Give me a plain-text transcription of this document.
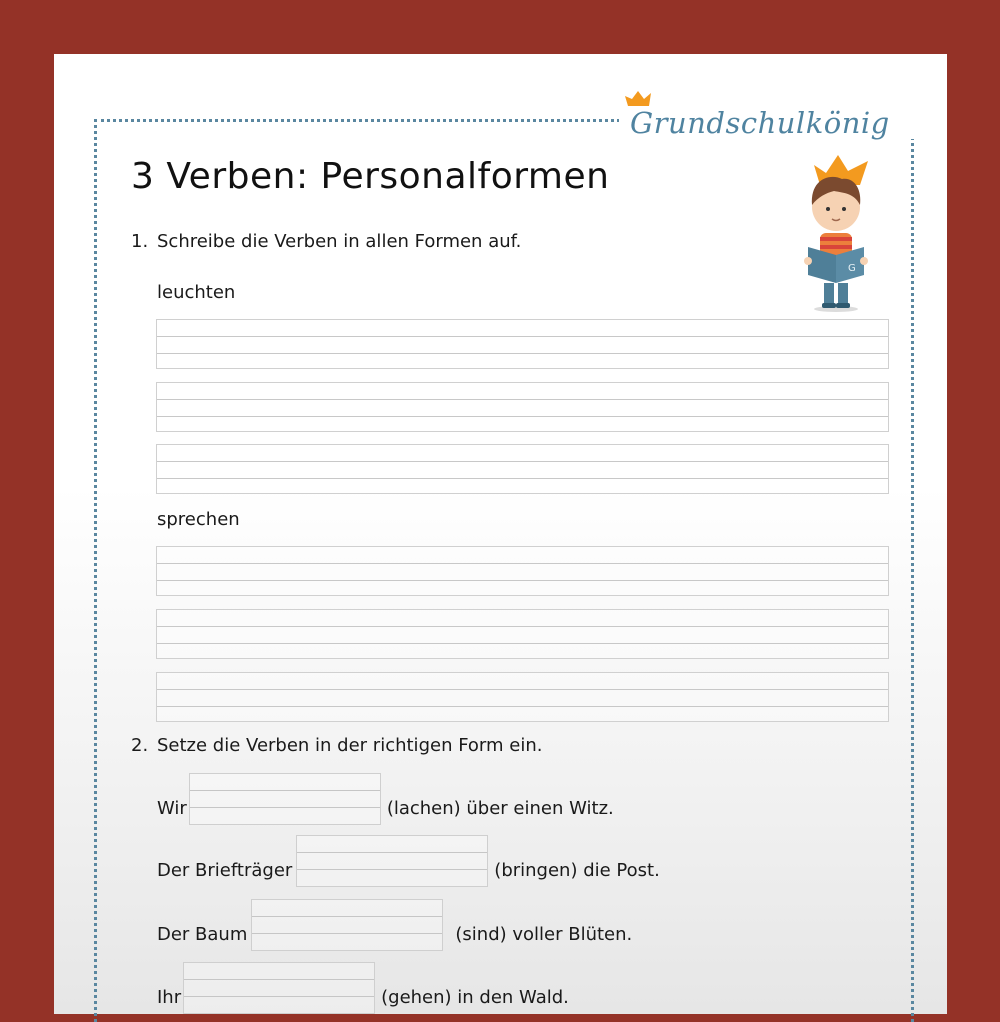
Grundschulkönig
3 Verben: Personalformen
G
1. Schreibe die Verben in allen Formen auf.
leuchten
sprechen
2. Setze die Verben in der richtigen Form ein.
Wir	(lachen) über einen Witz.
Der Briefträger	(bringen) die Post.
Der Baum	(sind) voller Blüten.
Ihr	(gehen) in den Wald.
